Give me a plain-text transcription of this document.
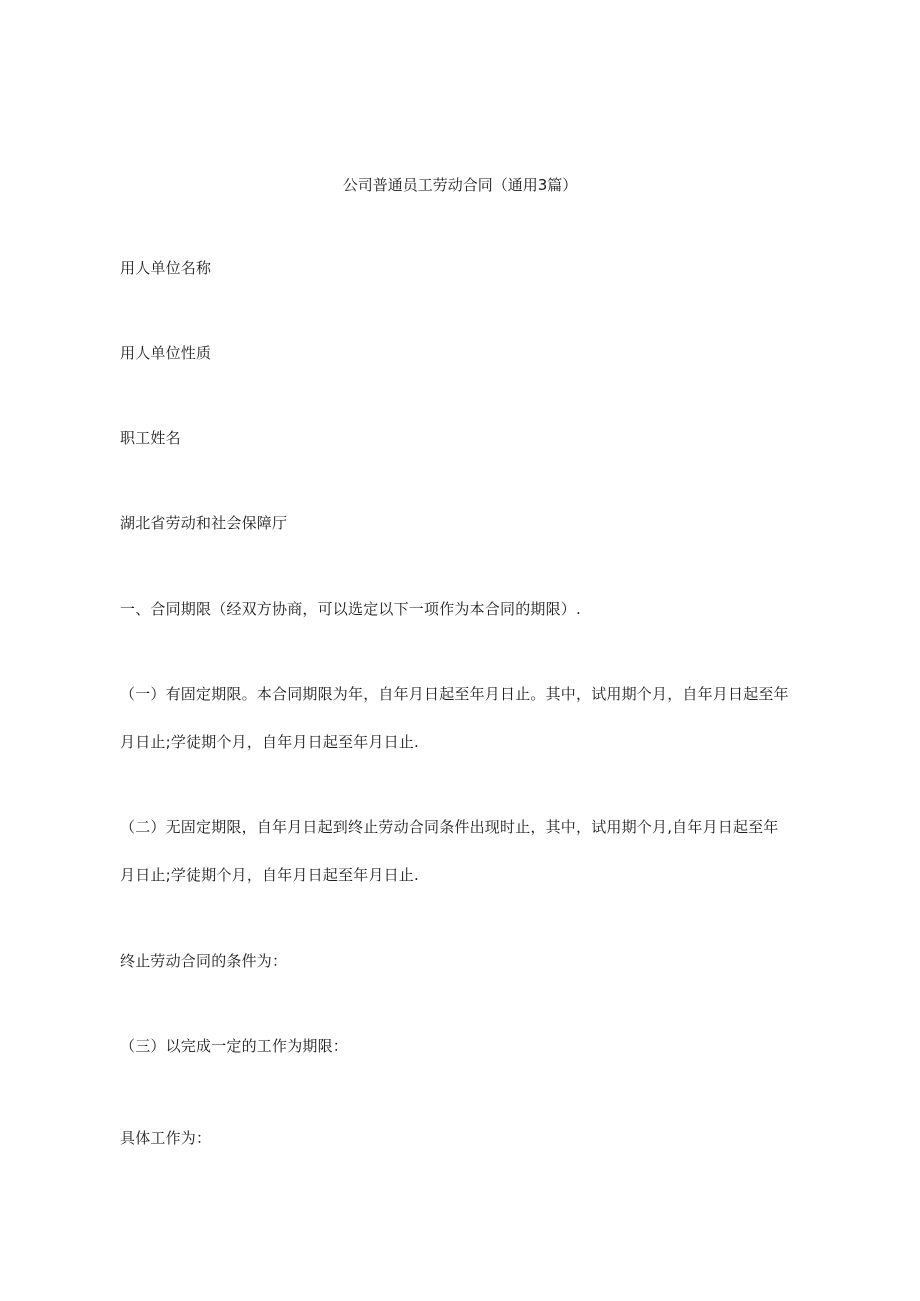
公司普通员工劳动合同（通用3篇）
用人单位名称
用人单位性质
职工姓名
湖北省劳动和社会保障厅
一、合同期限（经双方协商，可以选定以下一项作为本合同的期限）.
（一）有固定期限。本合同期限为年，自年月日起至年月日止。其中，试用期个月，自年月日起至年
月日止;学徒期个月，自年月日起至年月日止.
（二）无固定期限，自年月日起到终止劳动合同条件出现时止，其中，试用期个月,自年月日起至年
月日止;学徒期个月，自年月日起至年月日止.
终止劳动合同的条件为：
（三）以完成一定的工作为期限：
具体工作为：
